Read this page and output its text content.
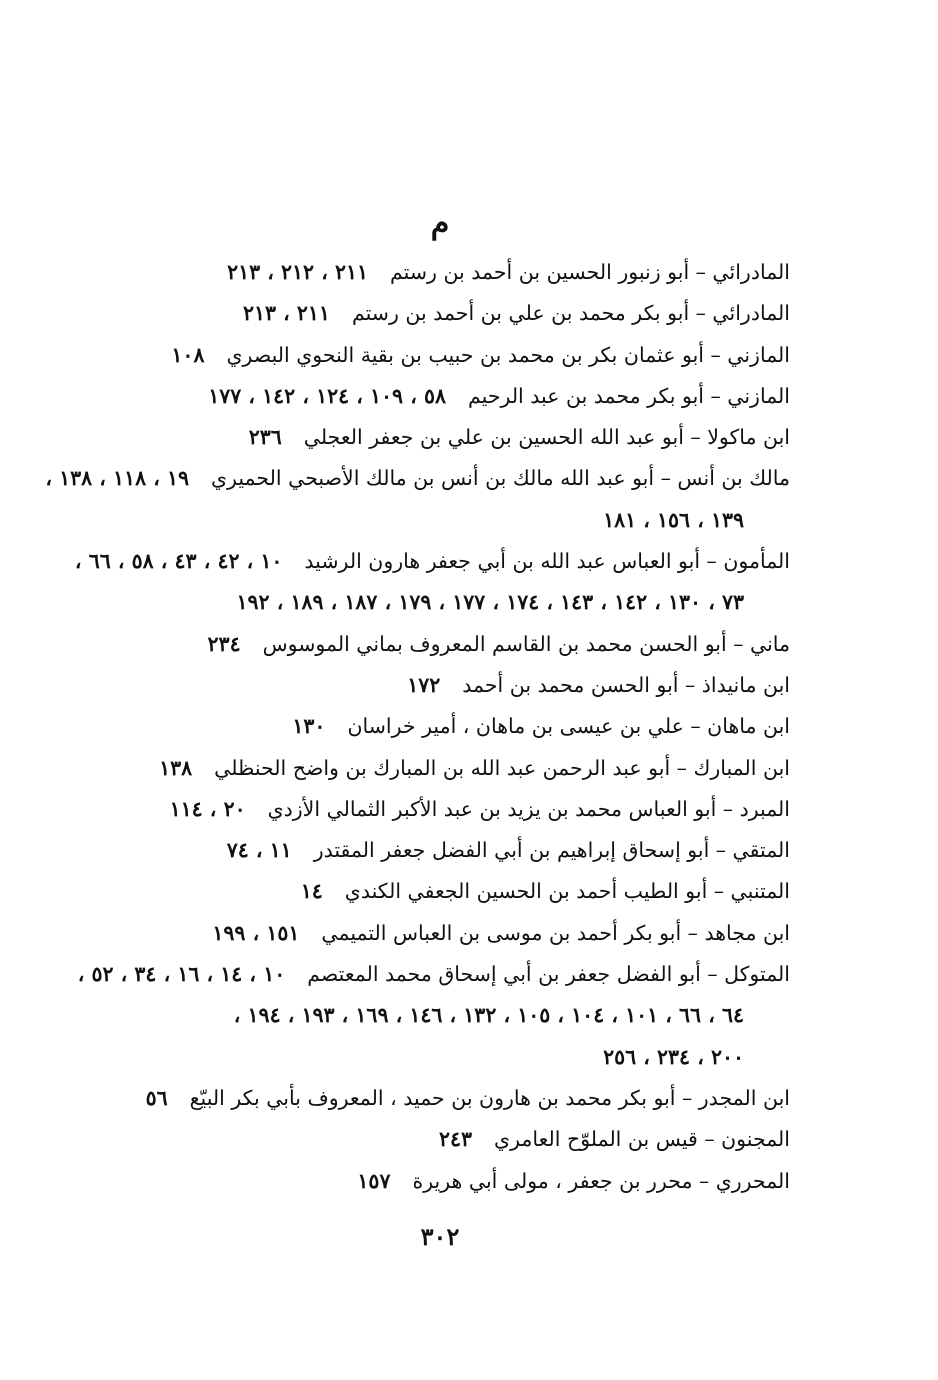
م
المادرائي – أبو زنبور الحسين بن أحمد بن رستم٢١١ ، ٢١٢ ، ٢١٣
المادرائي – أبو بكر محمد بن علي بن أحمد بن رستم٢١١ ، ٢١٣
المازني – أبو عثمان بكر بن محمد بن حبيب بن بقية النحوي البصري١٠٨
المازني – أبو بكر محمد بن عبد الرحيم٥٨ ، ١٠٩ ، ١٢٤ ، ١٤٢ ، ١٧٧
ابن ماكولا – أبو عبد الله الحسين بن علي بن جعفر العجلي٢٣٦
مالك بن أنس – أبو عبد الله مالك بن أنس بن مالك الأصبحي الحميري١٩ ، ١١٨ ، ١٣٨ ،
١٣٩ ، ١٥٦ ، ١٨١
المأمون – أبو العباس عبد الله بن أبي جعفر هارون الرشيد١٠ ، ٤٢ ، ٤٣ ، ٥٨ ، ٦٦ ،
٧٣ ، ١٣٠ ، ١٤٢ ، ١٤٣ ، ١٧٤ ، ١٧٧ ، ١٧٩ ، ١٨٧ ، ١٨٩ ، ١٩٢
ماني – أبو الحسن محمد بن القاسم المعروف بماني الموسوس٢٣٤
ابن مانيداذ – أبو الحسن محمد بن أحمد١٧٢
ابن ماهان – علي بن عيسى بن ماهان ، أمير خراسان١٣٠
ابن المبارك – أبو عبد الرحمن عبد الله بن المبارك بن واضح الحنظلي١٣٨
المبرد – أبو العباس محمد بن يزيد بن عبد الأكبر الثمالي الأزدي٢٠ ، ١١٤
المتقي – أبو إسحاق إبراهيم بن أبي الفضل جعفر المقتدر١١ ، ٧٤
المتنبي – أبو الطيب أحمد بن الحسين الجعفي الكندي١٤
ابن مجاهد – أبو بكر أحمد بن موسى بن العباس التميمي١٥١ ، ١٩٩
المتوكل – أبو الفضل جعفر بن أبي إسحاق محمد المعتصم١٠ ، ١٤ ، ١٦ ، ٣٤ ، ٥٢ ،
٦٤ ، ٦٦ ، ١٠١ ، ١٠٤ ، ١٠٥ ، ١٣٢ ، ١٤٦ ، ١٦٩ ، ١٩٣ ، ١٩٤ ،
٢٠٠ ، ٢٣٤ ، ٢٥٦
ابن المجدر – أبو بكر محمد بن هارون بن حميد ، المعروف بأبي بكر البيّع٥٦
المجنون – قيس بن الملوّح العامري٢٤٣
المحرري – محرر بن جعفر ، مولى أبي هريرة١٥٧
٣٠٢
